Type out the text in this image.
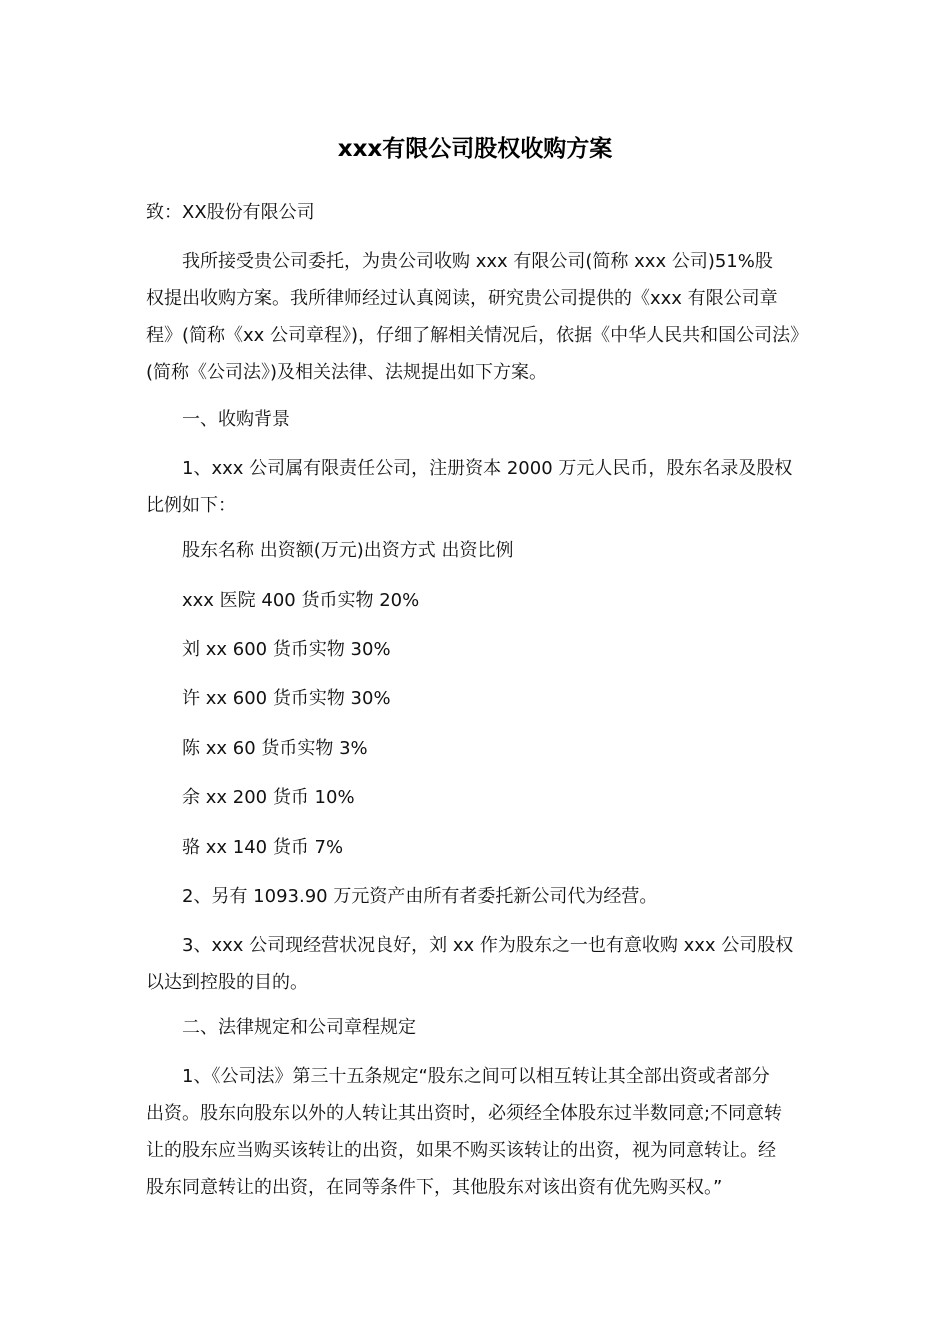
xxx有限公司股权收购方案
致：XX股份有限公司
我所接受贵公司委托，为贵公司收购 xxx 有限公司(简称 xxx 公司)51%股
权提出收购方案。我所律师经过认真阅读，研究贵公司提供的《xxx 有限公司章
程》(简称《xx 公司章程》)，仔细了解相关情况后，依据《中华人民共和国公司法》
(简称《公司法》)及相关法律、法规提出如下方案。
一、收购背景
1、xxx 公司属有限责任公司，注册资本 2000 万元人民币，股东名录及股权
比例如下：
股东名称 出资额(万元)出资方式 出资比例
xxx 医院 400 货币实物 20%
刘 xx 600 货币实物 30%
许 xx 600 货币实物 30%
陈 xx 60 货币实物 3%
余 xx 200 货币 10%
骆 xx 140 货币 7%
2、另有 1093.90 万元资产由所有者委托新公司代为经营。
3、xxx 公司现经营状况良好，刘 xx 作为股东之一也有意收购 xxx 公司股权
以达到控股的目的。
二、法律规定和公司章程规定
1、《公司法》第三十五条规定“股东之间可以相互转让其全部出资或者部分
出资。股东向股东以外的人转让其出资时，必须经全体股东过半数同意;不同意转
让的股东应当购买该转让的出资，如果不购买该转让的出资，视为同意转让。经
股东同意转让的出资，在同等条件下，其他股东对该出资有优先购买权。”
